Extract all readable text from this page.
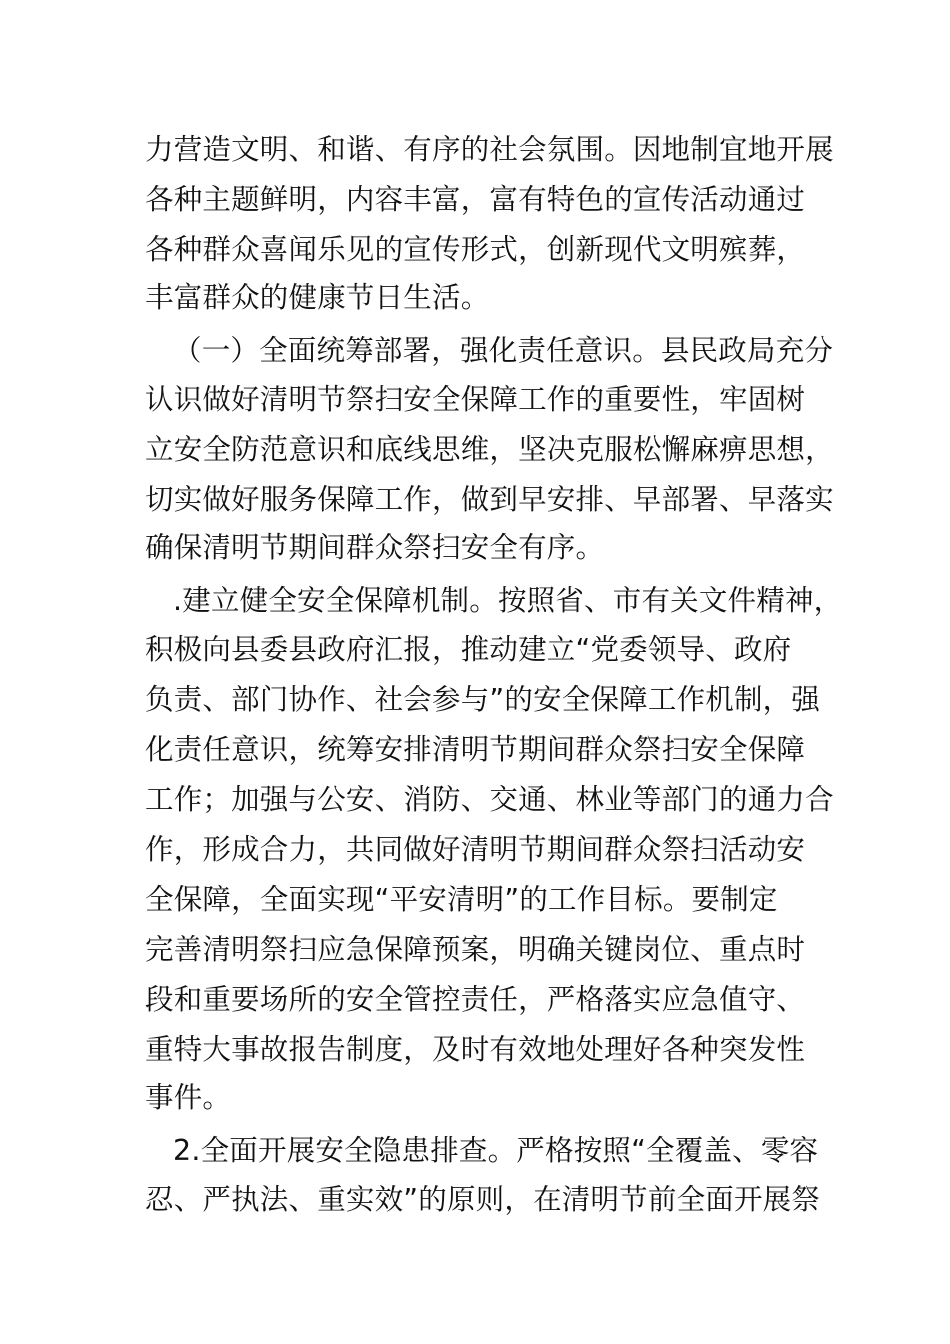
力营造文明、和谐、有序的社会氛围。因地制宜地开展
各种主题鲜明，内容丰富，富有特色的宣传活动通过
各种群众喜闻乐见的宣传形式，创新现代文明殡葬，
丰富群众的健康节日生活。
（一）全面统筹部署，强化责任意识。县民政局充分
认识做好清明节祭扫安全保障工作的重要性，牢固树
立安全防范意识和底线思维，坚决克服松懈麻痹思想，
切实做好服务保障工作，做到早安排、早部署、早落实
确保清明节期间群众祭扫安全有序。
.建立健全安全保障机制。按照省、市有关文件精神，
积极向县委县政府汇报，推动建立“党委领导、政府
负责、部门协作、社会参与”的安全保障工作机制，强
化责任意识，统筹安排清明节期间群众祭扫安全保障
工作；加强与公安、消防、交通、林业等部门的通力合
作，形成合力，共同做好清明节期间群众祭扫活动安
全保障，全面实现“平安清明”的工作目标。要制定
完善清明祭扫应急保障预案，明确关键岗位、重点时
段和重要场所的安全管控责任，严格落实应急值守、
重特大事故报告制度，及时有效地处理好各种突发性
事件。
2.全面开展安全隐患排查。严格按照“全覆盖、零容
忍、严执法、重实效”的原则，在清明节前全面开展祭
